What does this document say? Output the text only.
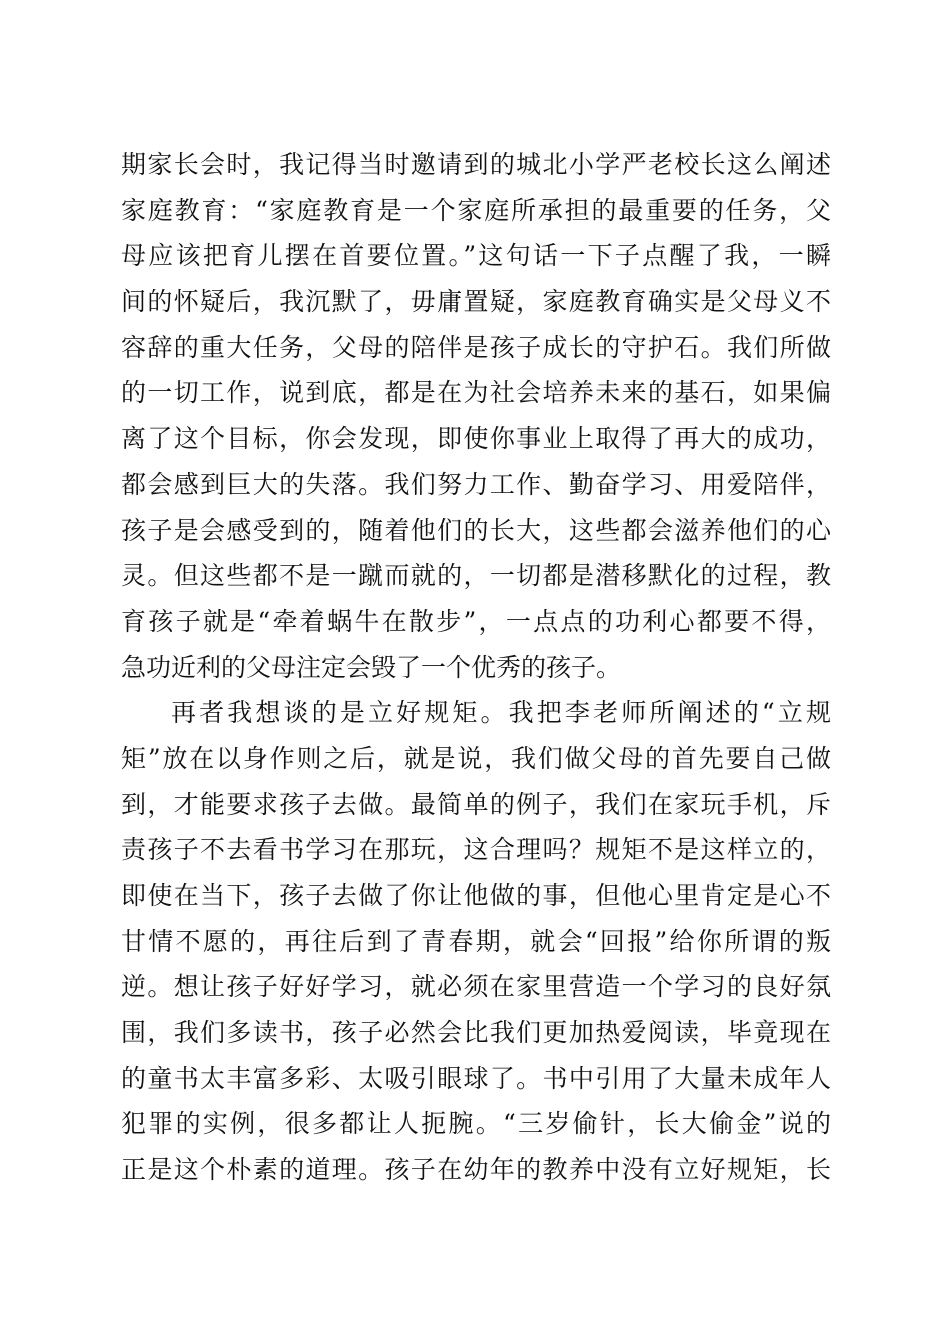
期家长会时，我记得当时邀请到的城北小学严老校长这么阐述
家庭教育：“家庭教育是一个家庭所承担的最重要的任务，父
母应该把育儿摆在首要位置。”这句话一下子点醒了我，一瞬
间的怀疑后，我沉默了，毋庸置疑，家庭教育确实是父母义不
容辞的重大任务，父母的陪伴是孩子成长的守护石。我们所做
的一切工作，说到底，都是在为社会培养未来的基石，如果偏
离了这个目标，你会发现，即使你事业上取得了再大的成功，
都会感到巨大的失落。我们努力工作、勤奋学习、用爱陪伴，
孩子是会感受到的，随着他们的长大，这些都会滋养他们的心
灵。但这些都不是一蹴而就的，一切都是潜移默化的过程，教
育孩子就是“牵着蜗牛在散步”，一点点的功利心都要不得，
急功近利的父母注定会毁了一个优秀的孩子。
再者我想谈的是立好规矩。我把李老师所阐述的“立规
矩”放在以身作则之后，就是说，我们做父母的首先要自己做
到，才能要求孩子去做。最简单的例子，我们在家玩手机，斥
责孩子不去看书学习在那玩，这合理吗？规矩不是这样立的，
即使在当下，孩子去做了你让他做的事，但他心里肯定是心不
甘情不愿的，再往后到了青春期，就会“回报”给你所谓的叛
逆。想让孩子好好学习，就必须在家里营造一个学习的良好氛
围，我们多读书，孩子必然会比我们更加热爱阅读，毕竟现在
的童书太丰富多彩、太吸引眼球了。书中引用了大量未成年人
犯罪的实例，很多都让人扼腕。“三岁偷针，长大偷金”说的
正是这个朴素的道理。孩子在幼年的教养中没有立好规矩，长
